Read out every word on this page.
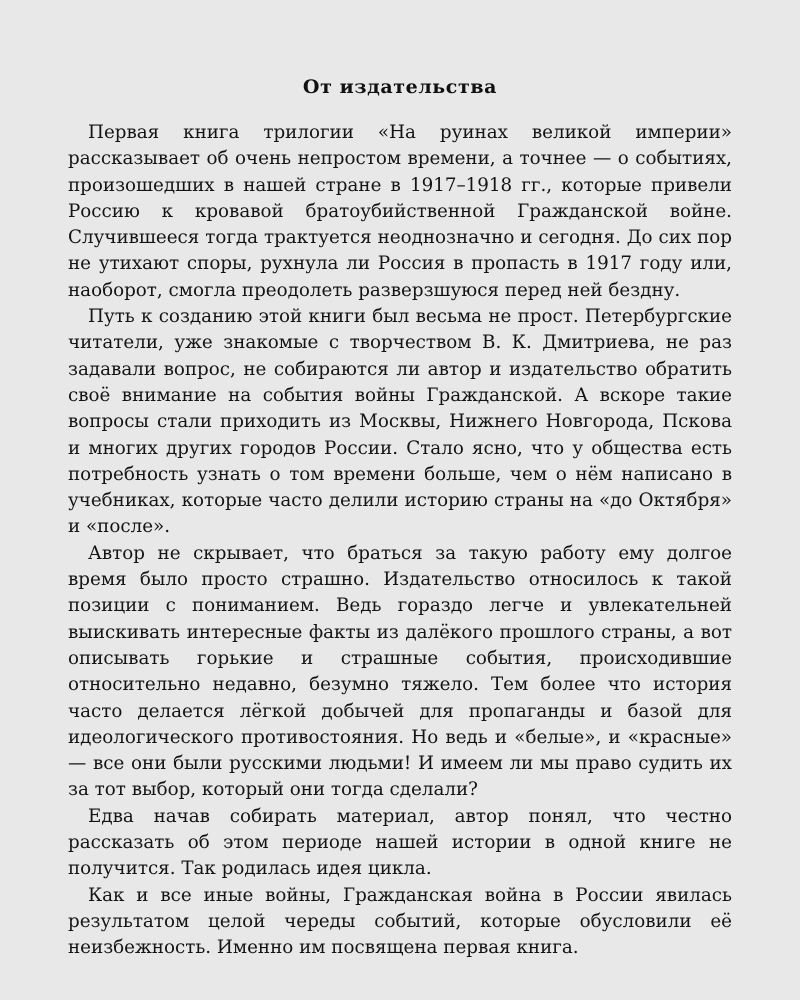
От издательства

Первая книга трилогии «На руинах великой империи» рассказывает об очень непростом времени, а точнее — о событиях, произошедших в нашей стране в 1917–1918 гг., которые привели Россию к кровавой братоубийственной Гражданской войне. Случившееся тогда трактуется неоднозначно и сегодня. До сих пор не утихают споры, рухнула ли Россия в пропасть в 1917 году или, наоборот, смогла преодолеть разверзшуюся перед ней бездну.

Путь к созданию этой книги был весьма не прост. Петербургские читатели, уже знакомые с творчеством В. К. Дмитриева, не раз задавали вопрос, не собираются ли автор и издательство обратить своё внимание на события войны Гражданской. А вскоре такие вопросы стали приходить из Москвы, Нижнего Новгорода, Пскова и многих других городов России. Стало ясно, что у общества есть потребность узнать о том времени больше, чем о нём написано в учебниках, которые часто делили историю страны на «до Октября» и «после».

Автор не скрывает, что браться за такую работу ему долгое время было просто страшно. Издательство относилось к такой позиции с пониманием. Ведь гораздо легче и увлекательней выискивать интересные факты из далёкого прошлого страны, а вот описывать горькие и страшные события, происходившие относительно недавно, безумно тяжело. Тем более что история часто делается лёгкой добычей для пропаганды и базой для идеологического противостояния. Но ведь и «белые», и «красные» — все они были русскими людьми! И имеем ли мы право судить их за тот выбор, который они тогда сделали?

Едва начав собирать материал, автор понял, что честно рассказать об этом периоде нашей истории в одной книге не получится. Так родилась идея цикла.

Как и все иные войны, Гражданская война в России явилась результатом целой череды событий, которые обусловили её неизбежность. Именно им посвящена первая книга.
